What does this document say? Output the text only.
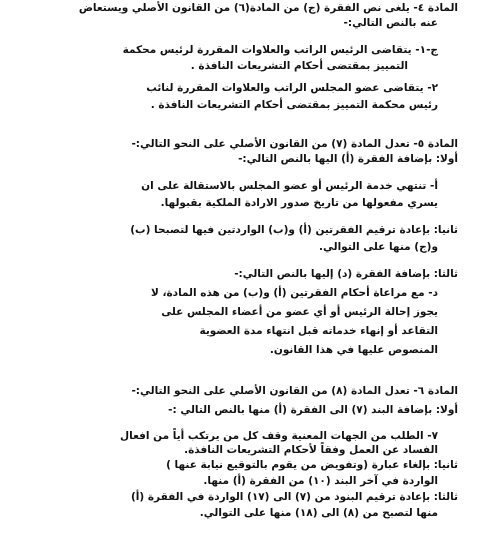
المادة ٤- يلغى نص الفقرة (ج) من المادة(٦) من القانون الأصلي ويستعاض
عنه بالنص التالي:-
ج-١- يتقاضى الرئيس الراتب والعلاوات المقررة لرئيس محكمة
التمييز بمقتضى أحكام التشريعات النافذة .
٢- يتقاضى عضو المجلس الراتب والعلاوات المقررة لنائب
رئيس محكمة التمييز بمقتضى أحكام التشريعات النافذة .
المادة ٥- تعدل المادة (٧) من القانون الأصلي على النحو التالي:-
أولا: بإضافة الفقرة (أ) اليها بالنص التالي:-
أ- تنتهي خدمة الرئيس أو عضو المجلس بالاستقالة على ان
يسري مفعولها من تاريخ صدور الارادة الملكية بقبولها.
ثانيا: بإعادة ترقيم الفقرتين (أ) و(ب) الواردتين فيها لتصبحا (ب)
و(ج) منها على التوالي.
ثالثا: بإضافة الفقرة (د) إليها بالنص التالي:-
د- مع مراعاة أحكام الفقرتين (أ) و(ب) من هذه المادة، لا
يجوز إحالة الرئيس أو أي عضو من أعضاء المجلس على
التقاعد أو إنهاء خدماته قبل انتهاء مدة العضوية
المنصوص عليها في هذا القانون.
المادة ٦- تعدل المادة (٨) من القانون الأصلي على النحو التالي:-
أولا: بإضافة البند (٧) الى الفقرة (أ) منها بالنص التالي :-
٧- الطلب من الجهات المعنية وقف كل من يرتكب أياً من افعال
الفساد عن العمل وفقاً لأحكام التشريعات النافذة.
ثانيا: بإلغاء عبارة (وتفويض من يقوم بالتوقيع نيابة عنها )
الواردة في آخر البند (١٠) من الفقرة (أ) منها.
ثالثا: بإعادة ترقيم البنود من (٧) الى (١٧) الواردة في الفقرة (أ)
منها لتصبح من (٨) الى (١٨) منها على التوالي.
